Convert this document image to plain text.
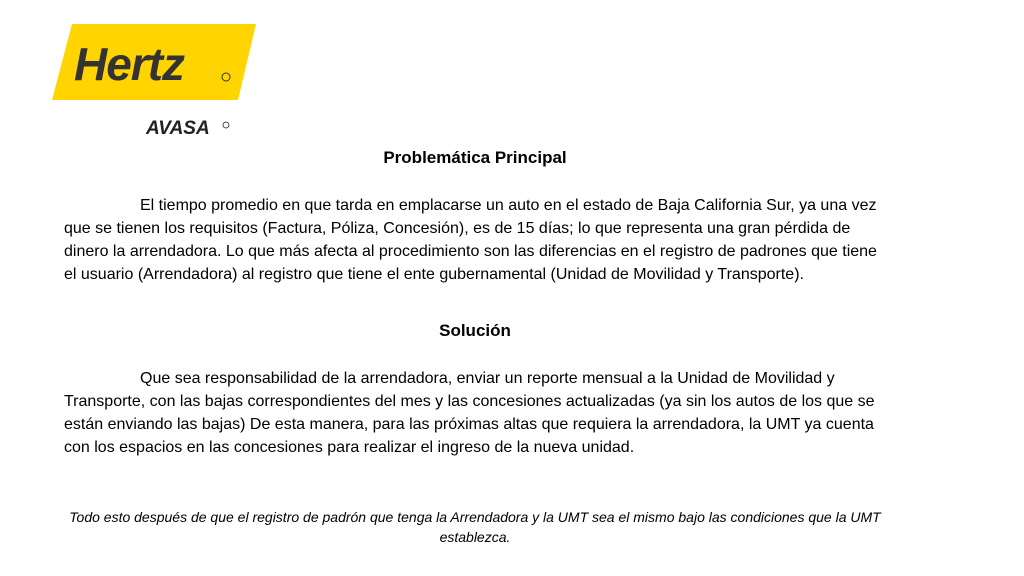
Hertz
AVASA
Problemática Principal
El tiempo promedio en que tarda en emplacarse un auto en el estado de Baja California Sur, ya una vez que se tienen los requisitos (Factura, Póliza, Concesión), es de 15 días; lo que representa una gran pérdida de dinero la arrendadora. Lo que más afecta al procedimiento son las diferencias en el registro de padrones que tiene el usuario (Arrendadora) al registro que tiene el ente gubernamental (Unidad de Movilidad y Transporte).
Solución
Que sea responsabilidad de la arrendadora, enviar un reporte mensual a la Unidad de Movilidad y Transporte, con las bajas correspondientes del mes y las concesiones actualizadas (ya sin los autos de los que se están enviando las bajas) De esta manera, para las próximas altas que requiera la arrendadora, la UMT ya cuenta con los espacios en las concesiones para realizar el ingreso de la nueva unidad.
Todo esto después de que el registro de padrón que tenga la Arrendadora y la UMT sea el mismo bajo las condiciones que la UMT establezca.
